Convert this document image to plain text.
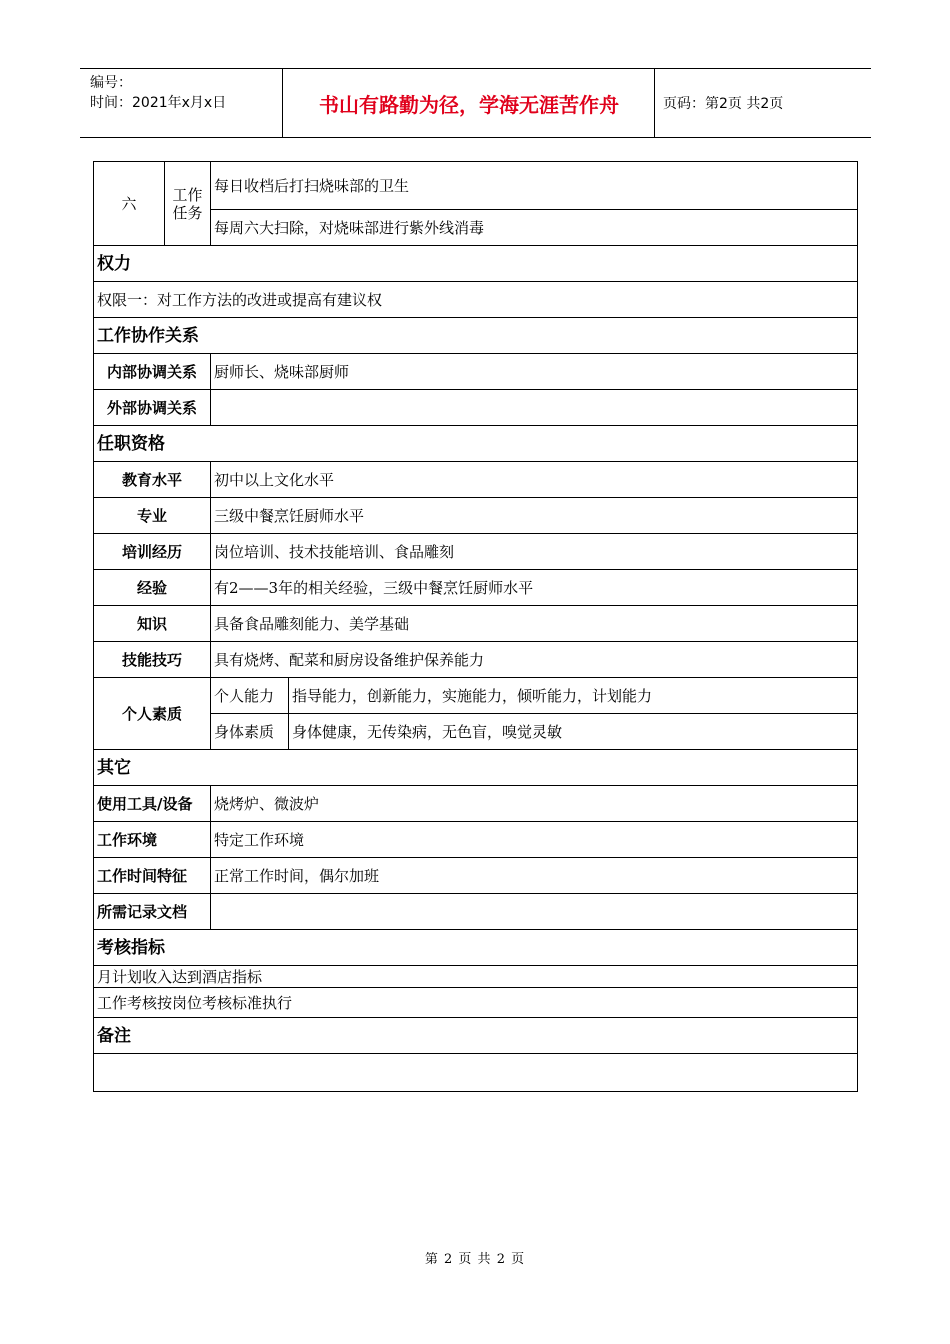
编号：
时间：2021年x月x日	书山有路勤为径，学海无涯苦作舟	页码：第2页 共2页
六	工作任务	每日收档后打扫烧味部的卫生	
		每周六大扫除，对烧味部进行紫外线消毒	
权力			
权限一：对工作方法的改进或提高有建议权			
工作协作关系			
内部协调关系		厨师长、烧味部厨师	
外部协调关系			
任职资格			
教育水平		初中以上文化水平	
专业		三级中餐烹饪厨师水平	
培训经历		岗位培训、技术技能培训、食品雕刻	
经验		有2——3年的相关经验，三级中餐烹饪厨师水平	
知识		具备食品雕刻能力、美学基础	
技能技巧		具有烧烤、配菜和厨房设备维护保养能力	
个人素质		个人能力	指导能力，创新能力，实施能力，倾听能力，计划能力
		身体素质	身体健康，无传染病，无色盲，嗅觉灵敏
其它			
使用工具/设备		烧烤炉、微波炉	
工作环境		特定工作环境	
工作时间特征		正常工作时间，偶尔加班	
所需记录文档			
考核指标			
月计划收入达到酒店指标			
工作考核按岗位考核标准执行			
备注			

第 2 页 共 2 页
